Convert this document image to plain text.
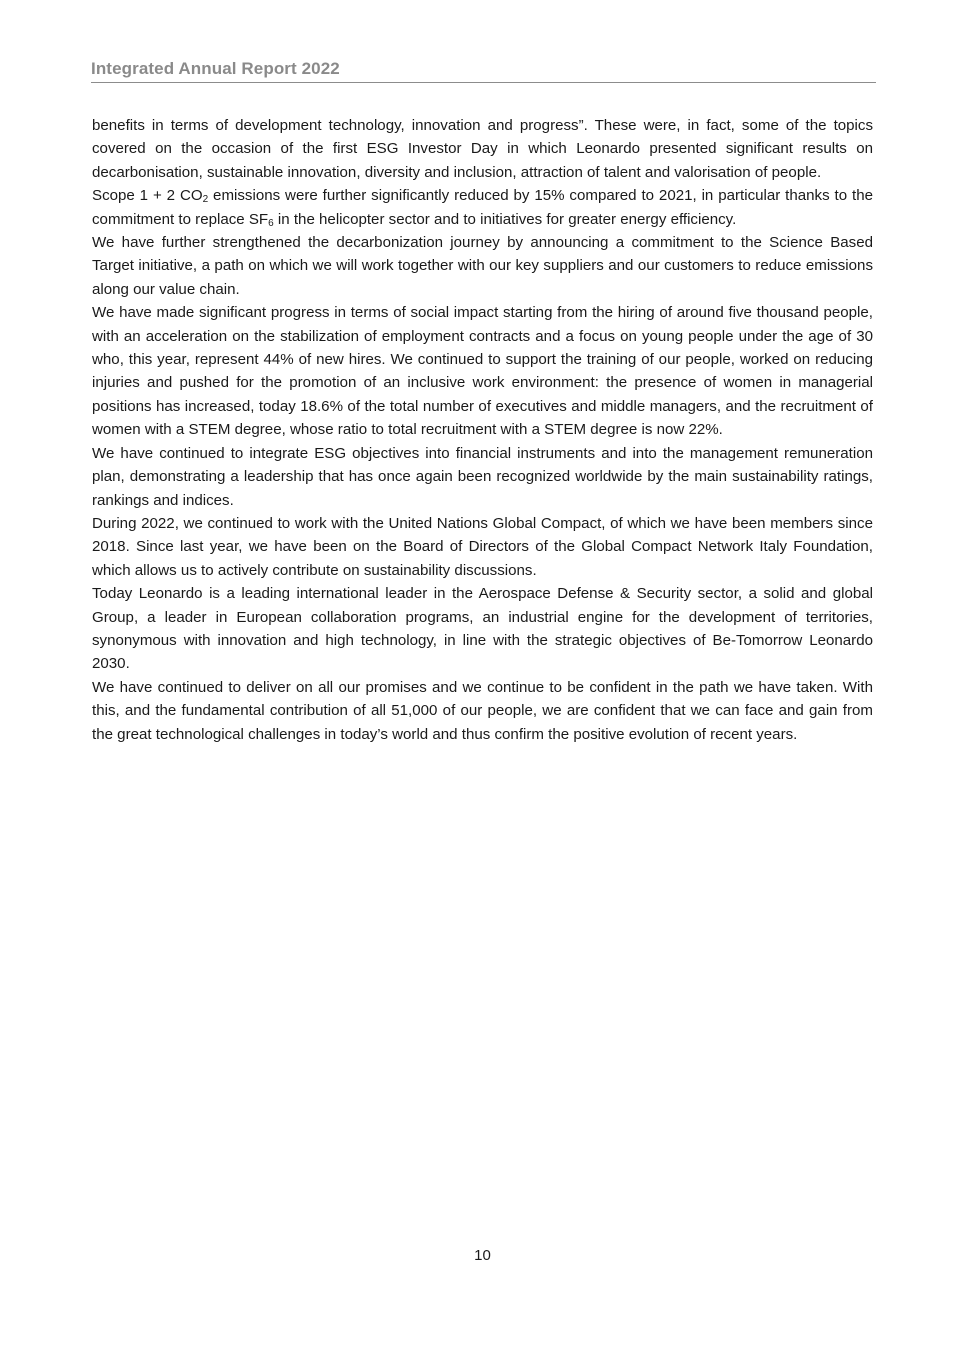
Integrated Annual Report 2022

benefits in terms of development technology, innovation and progress”. These were, in fact, some of the topics covered on the occasion of the first ESG Investor Day in which Leonardo presented significant results on decarbonisation, sustainable innovation, diversity and inclusion, attraction of talent and valorisation of people.

Scope 1 + 2 $CO_2$ emissions were further significantly reduced by 15% compared to 2021, in particular thanks to the commitment to replace $SF_6$ in the helicopter sector and to initiatives for greater energy efficiency.

We have further strengthened the decarbonization journey by announcing a commitment to the Science Based Target initiative, a path on which we will work together with our key suppliers and our customers to reduce emissions along our value chain.

We have made significant progress in terms of social impact starting from the hiring of around five thousand people, with an acceleration on the stabilization of employment contracts and a focus on young people under the age of 30 who, this year, represent 44% of new hires. We continued to support the training of our people, worked on reducing injuries and pushed for the promotion of an inclusive work environment: the presence of women in managerial positions has increased, today 18.6% of the total number of executives and middle managers, and the recruitment of women with a STEM degree, whose ratio to total recruitment with a STEM degree is now 22%.

We have continued to integrate ESG objectives into financial instruments and into the management remuneration plan, demonstrating a leadership that has once again been recognized worldwide by the main sustainability ratings, rankings and indices.

During 2022, we continued to work with the United Nations Global Compact, of which we have been members since 2018. Since last year, we have been on the Board of Directors of the Global Compact Network Italy Foundation, which allows us to actively contribute on sustainability discussions.

Today Leonardo is a leading international leader in the Aerospace Defense & Security sector, a solid and global Group, a leader in European collaboration programs, an industrial engine for the development of territories, synonymous with innovation and high technology, in line with the strategic objectives of Be-Tomorrow Leonardo 2030.

We have continued to deliver on all our promises and we continue to be confident in the path we have taken. With this, and the fundamental contribution of all 51,000 of our people, we are confident that we can face and gain from the great technological challenges in today’s world and thus confirm the positive evolution of recent years.

10
